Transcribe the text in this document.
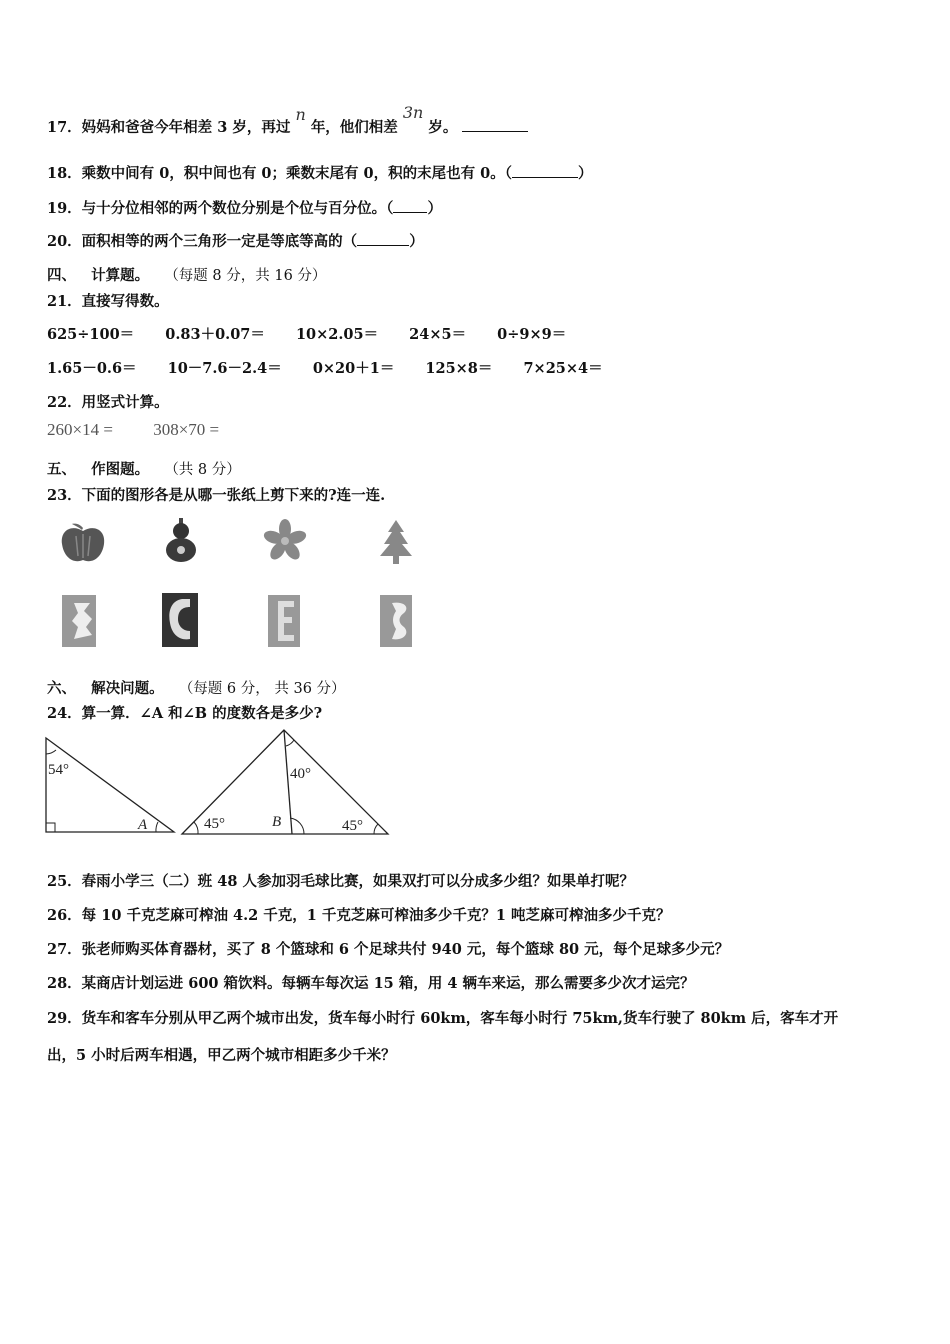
17．妈妈和爸爸今年相差 3 岁，再过 n 年，他们相差 3n 岁。
18．乘数中间有 0，积中间也有 0；乘数末尾有 0，积的末尾也有 0。（	）
19．与十分位相邻的两个数位分别是个位与百分位。（ ）
20．面积相等的两个三角形一定是等底等高的（	）
四、 计算题。 （每题 8 分，共 16 分）
21．直接写得数。
625÷100＝ 0.83＋0.07＝ 10×2.05＝ 24×5＝ 0÷9×9＝
1.65－0.6＝ 10－7.6－2.4＝ 0×20＋1＝ 125×8＝ 7×25×4＝
22．用竖式计算。
260×14 = 308×70 =
五、 作图题。 （共 8 分）
23．下面的图形各是从哪一张纸上剪下来的?连一连.
六、 解决问题。 （每题 6 分， 共 36 分）
24．算一算．∠A 和∠B 的度数各是多少?
54°
A
40°
45°	45°
B
25．春雨小学三（二）班 48 人参加羽毛球比赛，如果双打可以分成多少组？如果单打呢？
26．每 10 千克芝麻可榨油 4.2 千克，1 千克芝麻可榨油多少千克？1 吨芝麻可榨油多少千克？
27．张老师购买体育器材，买了 8 个篮球和 6 个足球共付 940 元，每个篮球 80 元，每个足球多少元？
28．某商店计划运进 600 箱饮料。每辆车每次运 15 箱，用 4 辆车来运，那么需要多少次才运完？
29．货车和客车分别从甲乙两个城市出发，货车每小时行 60km，客车每小时行 75km,货车行驶了 80km 后，客车才开
出，5 小时后两车相遇，甲乙两个城市相距多少千米？
